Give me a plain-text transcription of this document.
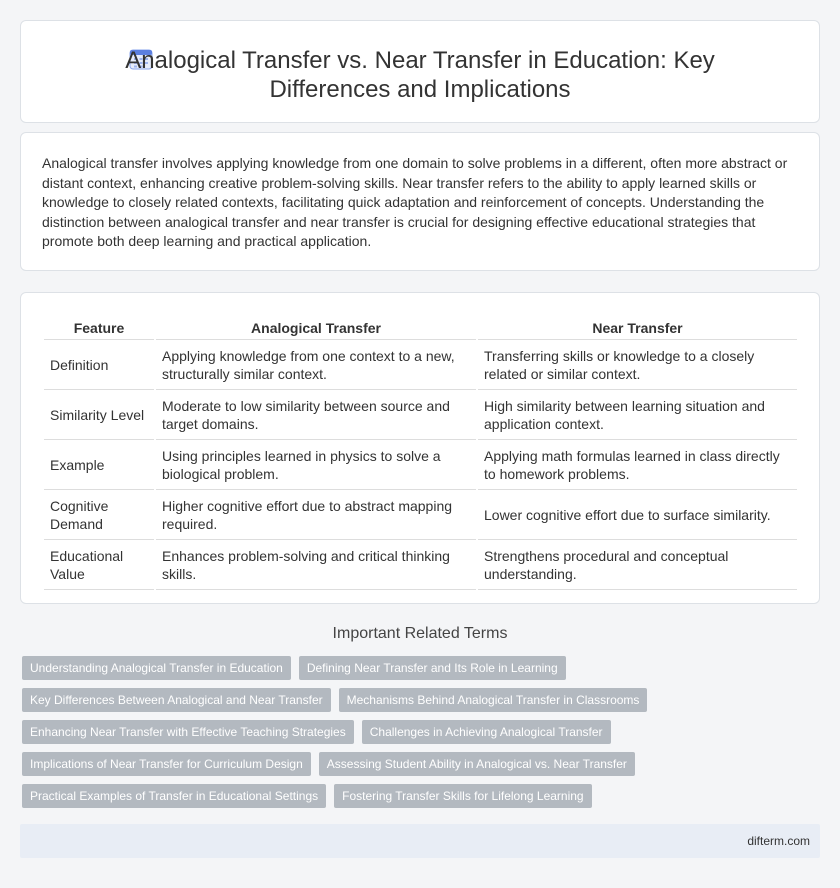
Analogical Transfer vs. Near Transfer in Education: Key Differences and Implications

Analogical transfer involves applying knowledge from one domain to solve problems in a different, often more abstract or distant context, enhancing creative problem-solving skills. Near transfer refers to the ability to apply learned skills or knowledge to closely related contexts, facilitating quick adaptation and reinforcement of concepts. Understanding the distinction between analogical transfer and near transfer is crucial for designing effective educational strategies that promote both deep learning and practical application.

Feature	Analogical Transfer	Near Transfer
Definition	Applying knowledge from one context to a new, structurally similar context.	Transferring skills or knowledge to a closely related or similar context.
Similarity Level	Moderate to low similarity between source and target domains.	High similarity between learning situation and application context.
Example	Using principles learned in physics to solve a biological problem.	Applying math formulas learned in class directly to homework problems.
Cognitive Demand	Higher cognitive effort due to abstract mapping required.	Lower cognitive effort due to surface similarity.
Educational Value	Enhances problem-solving and critical thinking skills.	Strengthens procedural and conceptual understanding.
Important Related Terms
Understanding Analogical Transfer in Education	Defining Near Transfer and Its Role in Learning
Key Differences Between Analogical and Near Transfer	Mechanisms Behind Analogical Transfer in Classrooms
Enhancing Near Transfer with Effective Teaching Strategies	Challenges in Achieving Analogical Transfer
Implications of Near Transfer for Curriculum Design	Assessing Student Ability in Analogical vs. Near Transfer
Practical Examples of Transfer in Educational Settings	Fostering Transfer Skills for Lifelong Learning
difterm.com
